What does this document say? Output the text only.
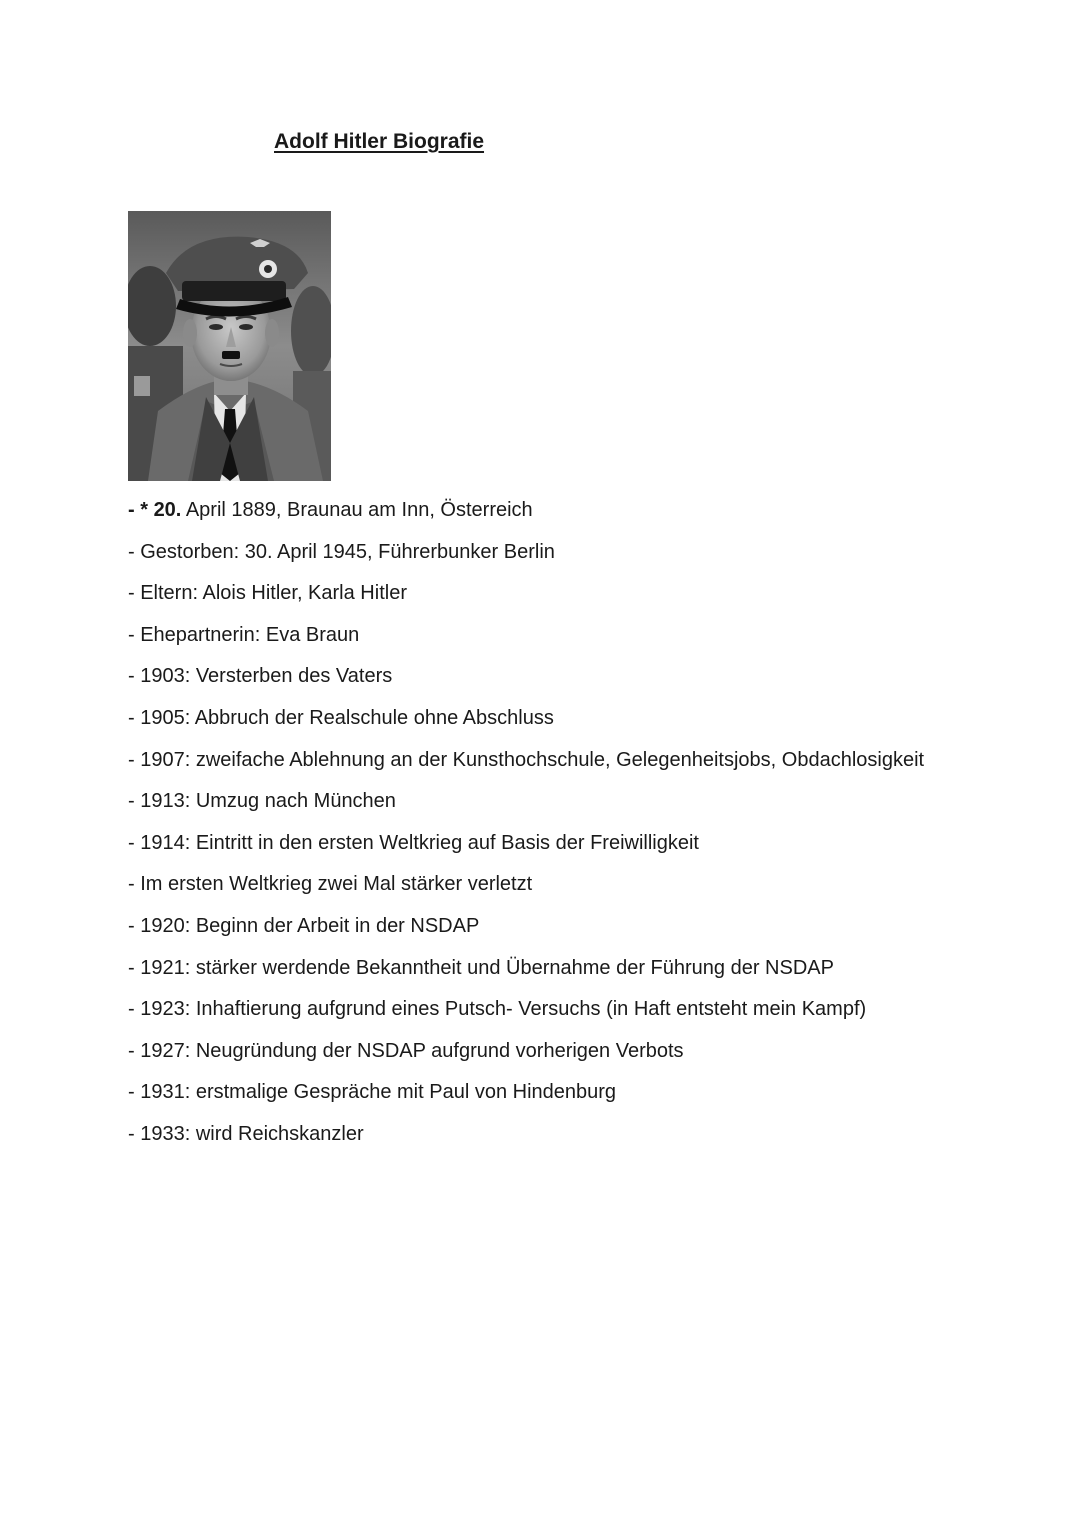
Adolf Hitler Biografie
- * 20. April 1889, Braunau am Inn, Österreich
- Gestorben: 30. April 1945, Führerbunker Berlin
- Eltern: Alois Hitler, Karla Hitler
- Ehepartnerin: Eva Braun
- 1903: Versterben des Vaters
- 1905: Abbruch der Realschule ohne Abschluss
- 1907: zweifache Ablehnung an der Kunsthochschule, Gelegenheitsjobs, Obdachlosigkeit
- 1913: Umzug nach München
- 1914: Eintritt in den ersten Weltkrieg auf Basis der Freiwilligkeit
- Im ersten Weltkrieg zwei Mal stärker verletzt
- 1920: Beginn der Arbeit in der NSDAP
- 1921: stärker werdende Bekanntheit und Übernahme der Führung der NSDAP
- 1923: Inhaftierung aufgrund eines Putsch- Versuchs (in Haft entsteht mein Kampf)
- 1927: Neugründung der NSDAP aufgrund vorherigen Verbots
- 1931: erstmalige Gespräche mit Paul von Hindenburg
- 1933: wird Reichskanzler
